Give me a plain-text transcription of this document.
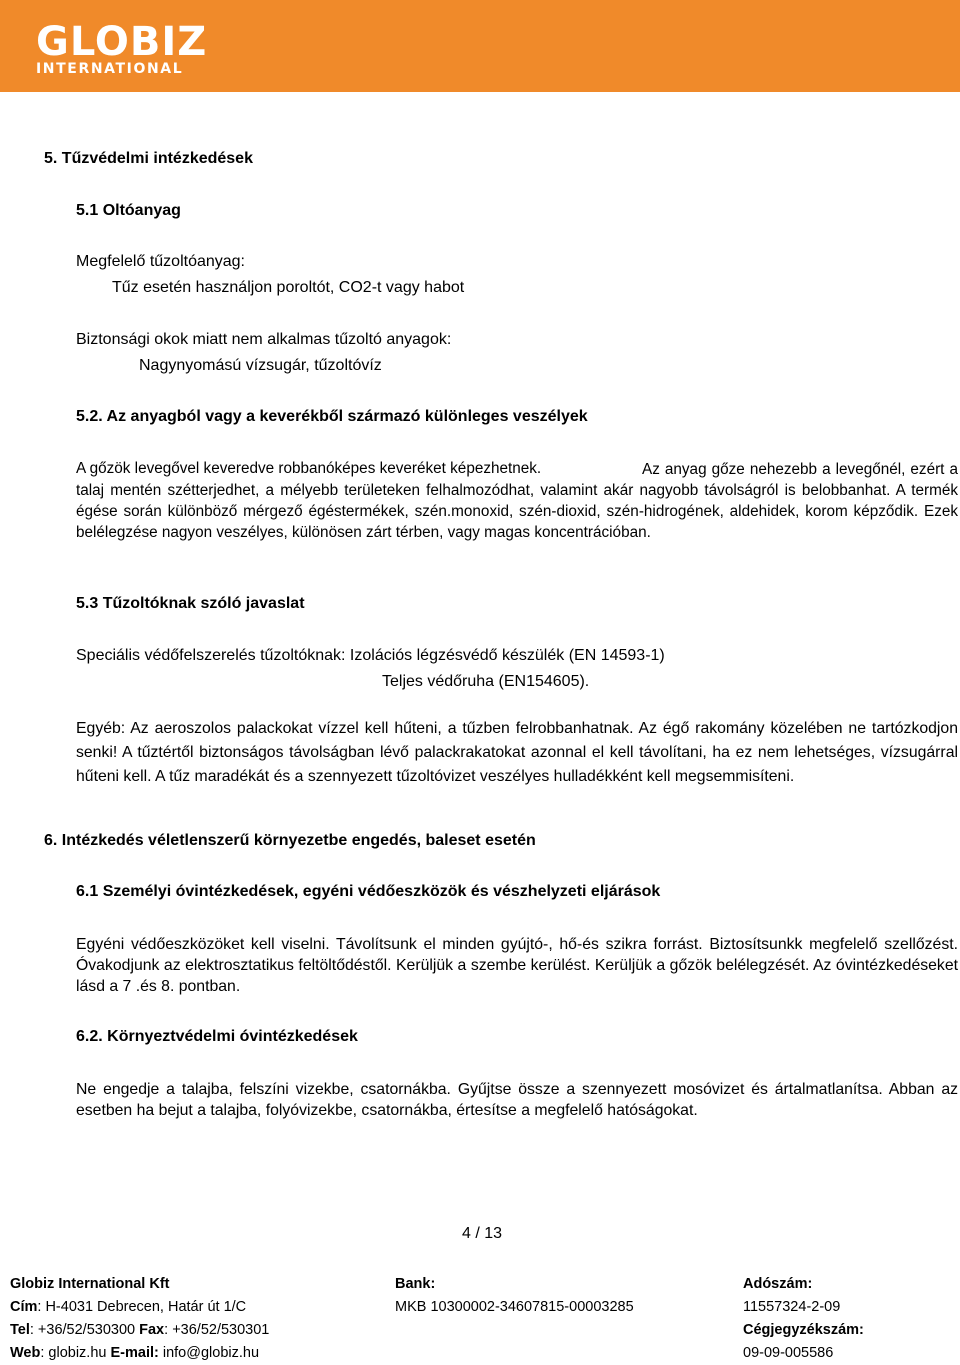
GLOBIZ
INTERNATIONAL
5. Tűzvédelmi intézkedések
5.1 Oltóanyag
Megfelelő tűzoltóanyag:
Tűz esetén használjon poroltót, CO2-t vagy habot
Biztonsági okok miatt nem alkalmas tűzoltó anyagok:
Nagynyomású vízsugár, tűzoltóvíz
5.2. Az anyagból vagy a keverékből származó különleges veszélyek
A gőzök levegővel keveredve robbanóképes keveréket képezhetnek.	Az anyag gőze nehezebb a levegőnél, ezért a talaj mentén szétterjedhet, a mélyebb területeken felhalmozódhat, valamint akár nagyobb távolságról is belobbanhat. A termék égése során különböző mérgező égéstermékek, szén.monoxid, szén-dioxid, szén-hidrogének, aldehidek, korom képződik. Ezek belélegzése nagyon veszélyes, különösen zárt térben, vagy magas koncentrációban.
5.3 Tűzoltóknak szóló javaslat
Speciális védőfelszerelés tűzoltóknak: Izolációs légzésvédő készülék (EN 14593-1)
Teljes védőruha (EN154605).
Egyéb: Az aeroszolos palackokat vízzel kell hűteni, a tűzben felrobbanhatnak. Az égő rakomány közelében ne tartózkodjon senki! A tűztértől biztonságos távolságban lévő palackrakatokat azonnal el kell távolítani, ha ez nem lehetséges, vízsugárral hűteni kell. A tűz maradékát és a szennyezett tűzoltóvizet veszélyes hulladékként kell megsemmisíteni.
6. Intézkedés véletlenszerű környezetbe engedés, baleset esetén
6.1 Személyi óvintézkedések, egyéni védőeszközök és vészhelyzeti eljárások
Egyéni védőeszközöket kell viselni. Távolítsunk el minden gyújtó-, hő-és szikra forrást. Biztosítsunkk megfelelő szellőzést. Óvakodjunk az elektrosztatikus feltöltődéstől. Kerüljük a szembe kerülést. Kerüljük a gőzök belélegzését. Az óvintézkedéseket lásd a 7 .és 8. pontban.
6.2. Környeztvédelmi óvintézkedések
Ne engedje a talajba, felszíni vizekbe, csatornákba. Gyűjtse össze a szennyezett mosóvizet és ártalmatlanítsa. Abban az esetben ha bejut a talajba, folyóvizekbe, csatornákba, értesítse a megfelelő hatóságokat.
4 / 13
Globiz International Kft
Cím: H-4031 Debrecen, Határ út 1/C
Tel: +36/52/530300 Fax: +36/52/530301
Web: globiz.hu E-mail: info@globiz.hu
Bank:
MKB 10300002-34607815-00003285
Adószám:
11557324-2-09
Cégjegyzékszám:
09-09-005586
